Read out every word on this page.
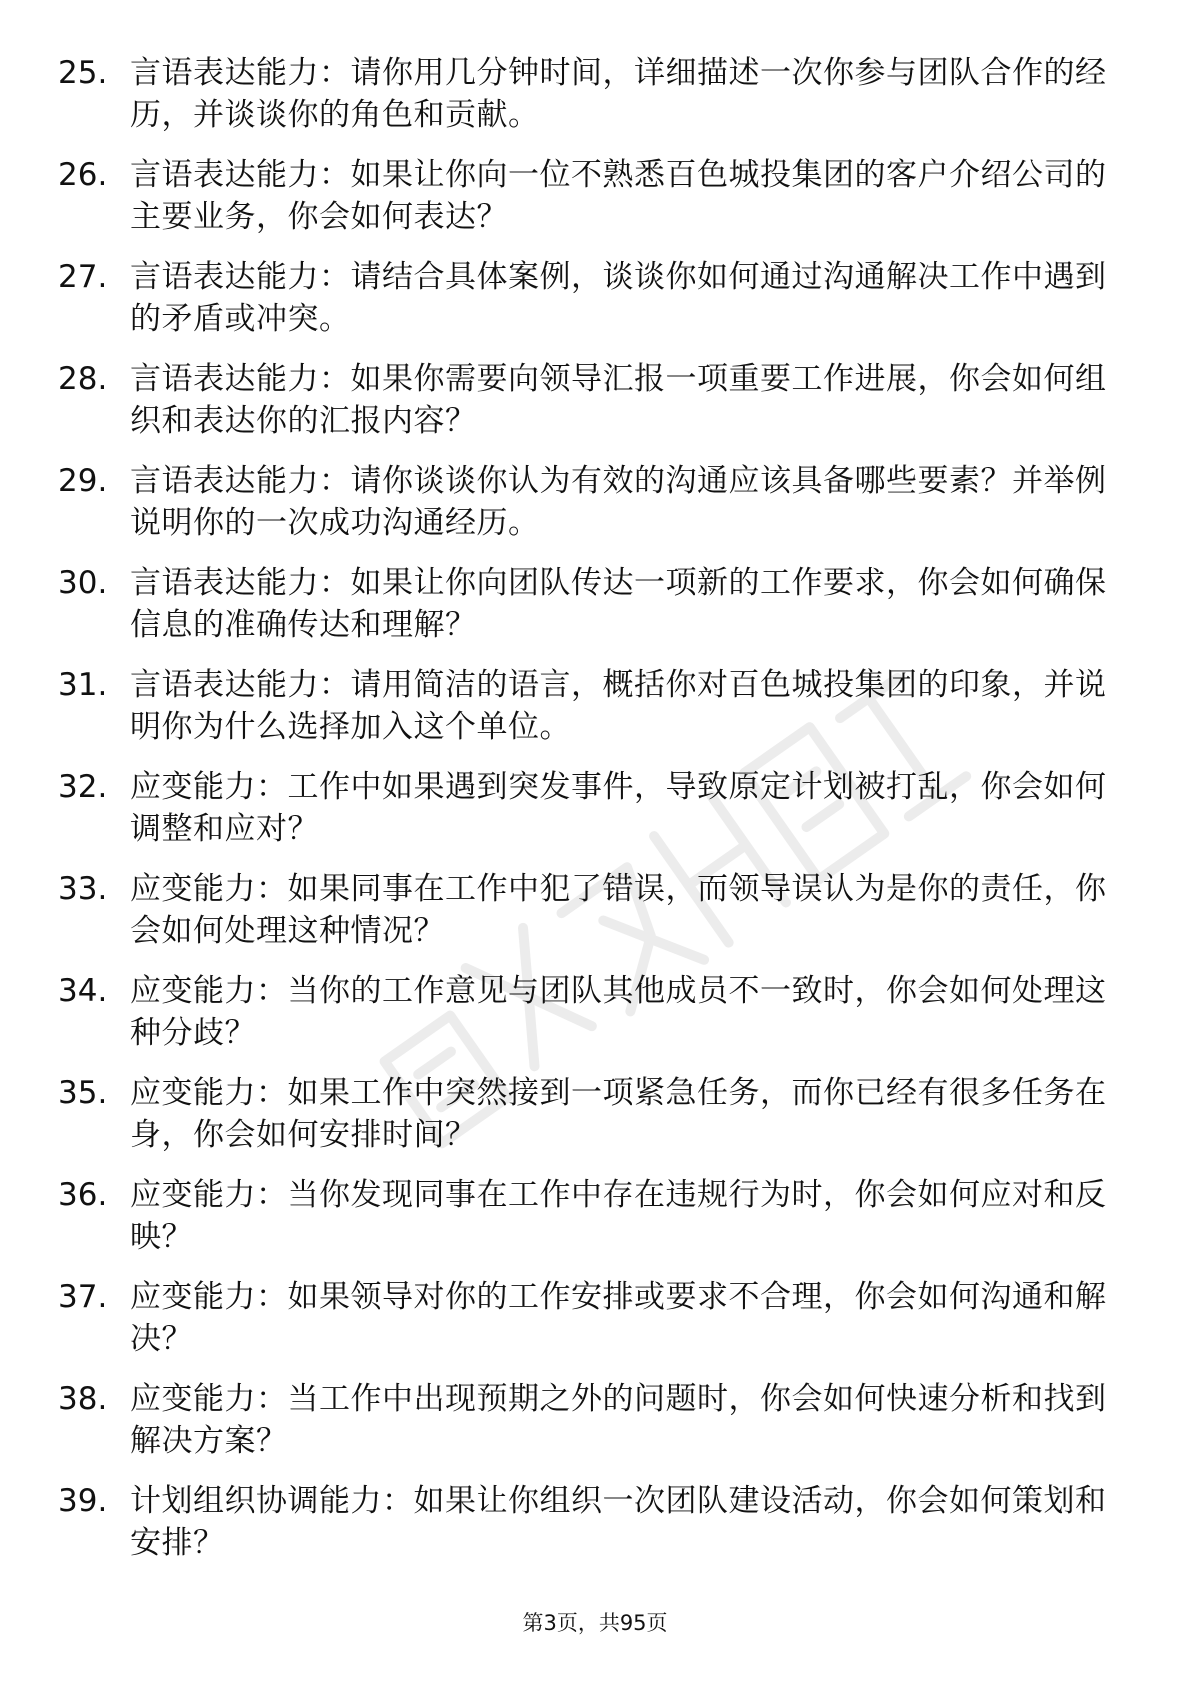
25. 言语表达能力：请你用几分钟时间，详细描述一次你参与团队合作的经历，并谈谈你的角色和贡献。
26. 言语表达能力：如果让你向一位不熟悉百色城投集团的客户介绍公司的主要业务，你会如何表达？
27. 言语表达能力：请结合具体案例，谈谈你如何通过沟通解决工作中遇到的矛盾或冲突。
28. 言语表达能力：如果你需要向领导汇报一项重要工作进展，你会如何组织和表达你的汇报内容？
29. 言语表达能力：请你谈谈你认为有效的沟通应该具备哪些要素？并举例说明你的一次成功沟通经历。
30. 言语表达能力：如果让你向团队传达一项新的工作要求，你会如何确保信息的准确传达和理解？
31. 言语表达能力：请用简洁的语言，概括你对百色城投集团的印象，并说明你为什么选择加入这个单位。
32. 应变能力：工作中如果遇到突发事件，导致原定计划被打乱，你会如何调整和应对？
33. 应变能力：如果同事在工作中犯了错误，而领导误认为是你的责任，你会如何处理这种情况？
34. 应变能力：当你的工作意见与团队其他成员不一致时，你会如何处理这种分歧？
35. 应变能力：如果工作中突然接到一项紧急任务，而你已经有很多任务在身，你会如何安排时间？
36. 应变能力：当你发现同事在工作中存在违规行为时，你会如何应对和反映？
37. 应变能力：如果领导对你的工作安排或要求不合理，你会如何沟通和解决？
38. 应变能力：当工作中出现预期之外的问题时，你会如何快速分析和找到解决方案？
39. 计划组织协调能力：如果让你组织一次团队建设活动，你会如何策划和安排？
第3页，共95页
